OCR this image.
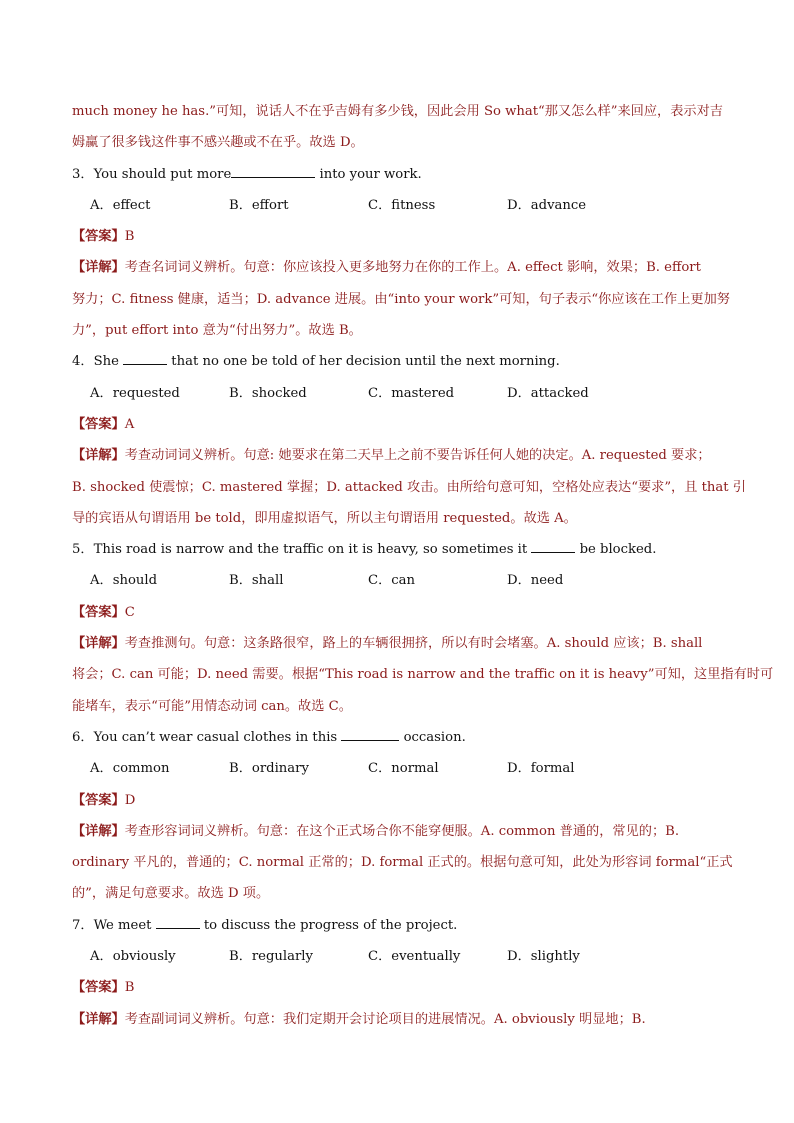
much money he has.”可知，说话人不在乎吉姆有多少钱，因此会用 So what“那又怎么样”来回应，表示对吉
姆赢了很多钱这件事不感兴趣或不在乎。故选 D。
3．You should put more	into your work.
A．effect	B．effort	C．fitness	D．advance
【答案】B
【详解】考查名词词义辨析。句意：你应该投入更多地努力在你的工作上。A. effect 影响，效果；B. effort
努力；C. fitness 健康，适当；D. advance 进展。由“into your work”可知，句子表示“你应该在工作上更加努
力”，put effort into 意为“付出努力”。故选 B。
4．She	that no one be told of her decision until the next morning.
A．requested	B．shocked	C．mastered	D．attacked
【答案】A
【详解】考查动词词义辨析。句意: 她要求在第二天早上之前不要告诉任何人她的决定。A. requested 要求；
B. shocked 使震惊；C. mastered 掌握；D. attacked 攻击。由所给句意可知，空格处应表达“要求”，且 that 引
导的宾语从句谓语用 be told，即用虚拟语气，所以主句谓语用 requested。故选 A。
5．This road is narrow and the traffic on it is heavy, so sometimes it	be blocked.
A．should	B．shall	C．can	D．need
【答案】C
【详解】考查推测句。句意：这条路很窄，路上的车辆很拥挤，所以有时会堵塞。A. should 应该；B. shall
将会；C. can 可能；D. need 需要。根据“This road is narrow and the traffic on it is heavy”可知，这里指有时可
能堵车，表示“可能”用情态动词 can。故选 C。
6．You can’t wear casual clothes in this	occasion.
A．common	B．ordinary	C．normal	D．formal
【答案】D
【详解】考查形容词词义辨析。句意：在这个正式场合你不能穿便服。A. common 普通的，常见的；B.
ordinary 平凡的，普通的；C. normal 正常的；D. formal 正式的。根据句意可知，此处为形容词 formal“正式
的”，满足句意要求。故选 D 项。
7．We meet	to discuss the progress of the project.
A．obviously	B．regularly	C．eventually	D．slightly
【答案】B
【详解】考查副词词义辨析。句意：我们定期开会讨论项目的进展情况。A. obviously 明显地；B.
